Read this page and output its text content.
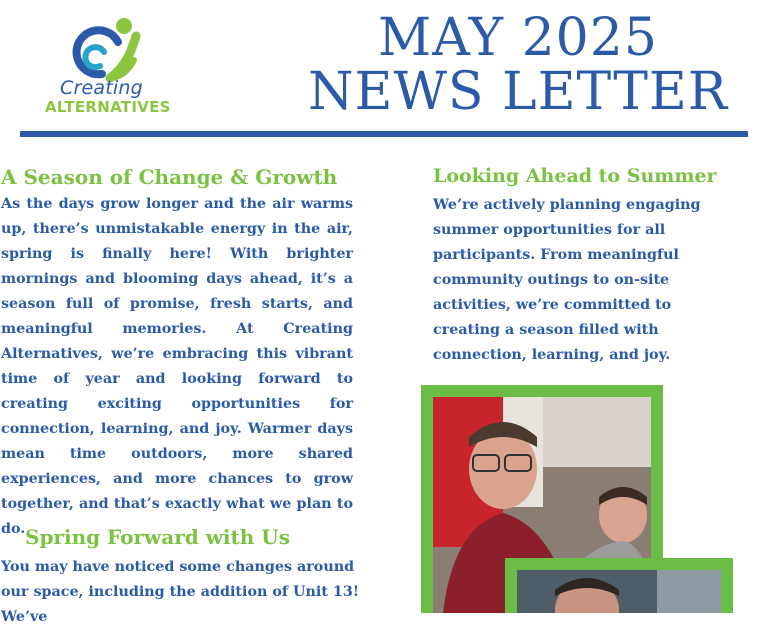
Creating
ALTERNATIVES
MAY 2025
NEWS LETTER
A Season of Change & Growth
As the days grow longer and the air warms up, there’s unmistakable energy in the air, spring is finally here! With brighter mornings and blooming days ahead, it’s a season full of promise, fresh starts, and meaningful memories. At Creating Alternatives, we’re embracing this vibrant time of year and looking forward to creating exciting opportunities for connection, learning, and joy. Warmer days mean time outdoors, more shared experiences, and more chances to grow together, and that’s exactly what we plan to do. Spring Forward with Us
You may have noticed some changes around our space, including the addition of Unit 13! We’ve
Looking Ahead to Summer
We’re actively planning engaging summer opportunities for all participants. From meaningful community outings to on-site activities, we’re committed to creating a season filled with connection, learning, and joy.
